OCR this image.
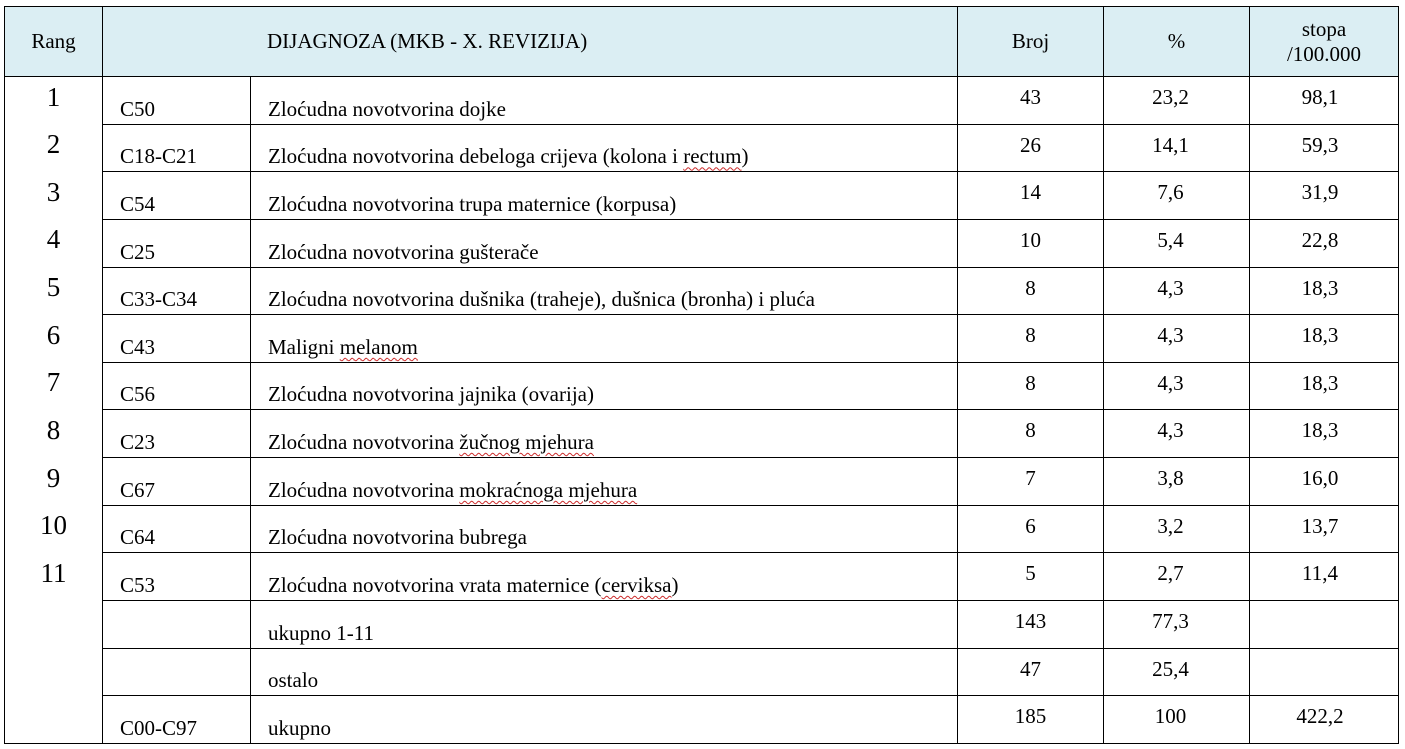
Rang	DIJAGNOZA (MKB - X. REVIZIJA)		Broj	%	stopa
/100.000
1	C50	Zloćudna novotvorina dojke	43	23,2	98,1
2	C18-C21	Zloćudna novotvorina debeloga crijeva (kolona i rectum)	26	14,1	59,3
3	C54	Zloćudna novotvorina trupa maternice (korpusa)	14	7,6	31,9
4	C25	Zloćudna novotvorina gušterače	10	5,4	22,8
5	C33-C34	Zloćudna novotvorina dušnika (traheje), dušnica (bronha) i pluća	8	4,3	18,3
6	C43	Maligni melanom	8	4,3	18,3
7	C56	Zloćudna novotvorina jajnika (ovarija)	8	4,3	18,3
8	C23	Zloćudna novotvorina žučnog mjehura	8	4,3	18,3
9	C67	Zloćudna novotvorina mokraćnoga mjehura	7	3,8	16,0
10	C64	Zloćudna novotvorina bubrega	6	3,2	13,7
11	C53	Zloćudna novotvorina vrata maternice (cerviksa)	5	2,7	11,4
		ukupno 1-11	143	77,3	
		ostalo	47	25,4	
	C00-C97	ukupno	185	100	422,2
